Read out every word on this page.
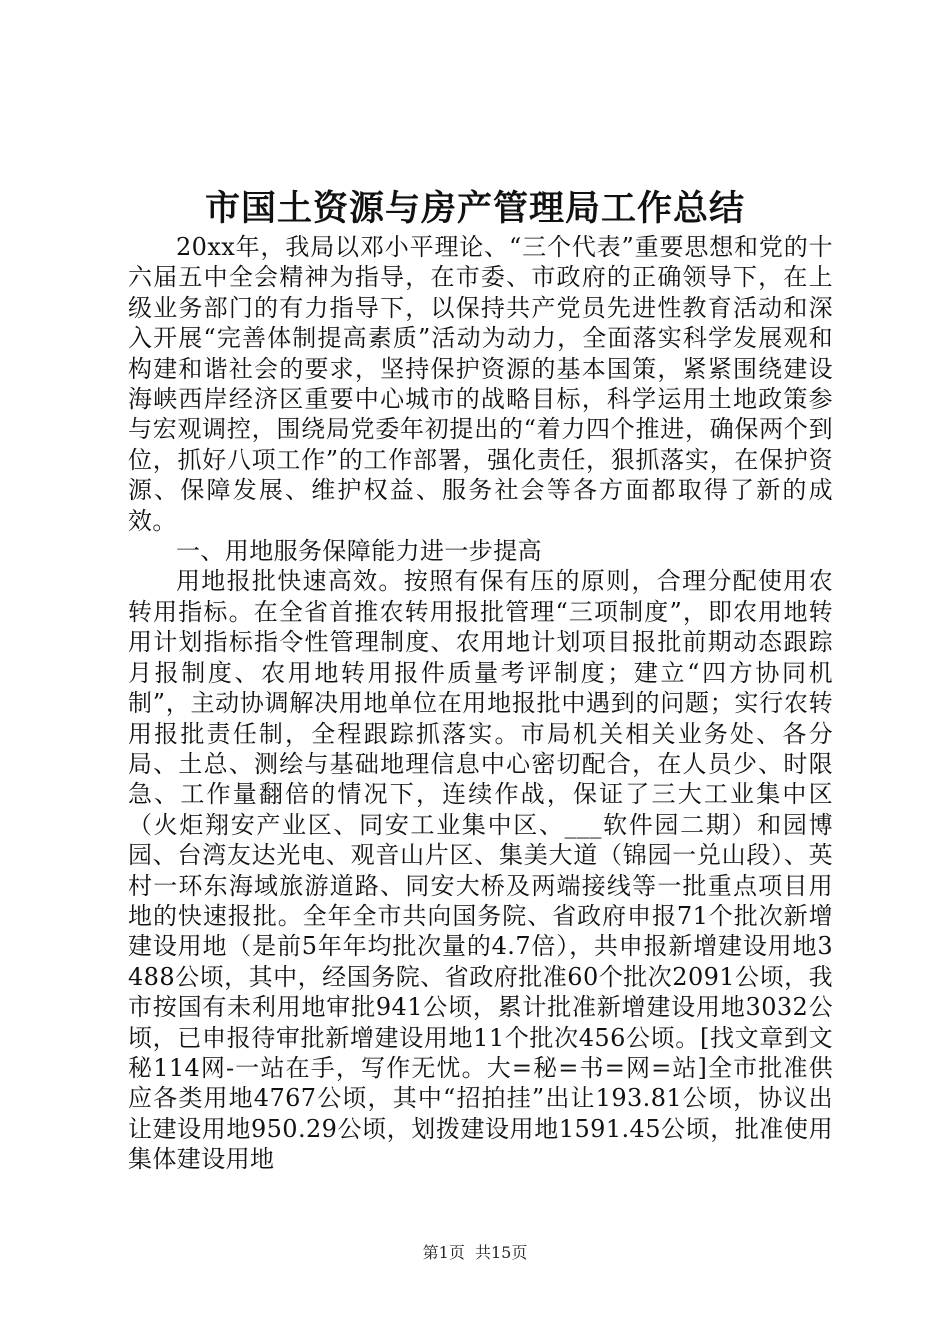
市国土资源与房产管理局工作总结

20xx年，我局以邓小平理论、“三个代表”重要思想和党的十六届五中全会精神为指导，在市委、市政府的正确领导下，在上级业务部门的有力指导下，以保持共产党员先进性教育活动和深入开展“完善体制提高素质”活动为动力，全面落实科学发展观和构建和谐社会的要求，坚持保护资源的基本国策，紧紧围绕建设海峡西岸经济区重要中心城市的战略目标，科学运用土地政策参与宏观调控，围绕局党委年初提出的“着力四个推进，确保两个到位，抓好八项工作”的工作部署，强化责任，狠抓落实，在保护资源、保障发展、维护权益、服务社会等各方面都取得了新的成效。

一、用地服务保障能力进一步提高

用地报批快速高效。按照有保有压的原则，合理分配使用农转用指标。在全省首推农转用报批管理“三项制度”，即农用地转用计划指标指令性管理制度、农用地计划项目报批前期动态跟踪月报制度、农用地转用报件质量考评制度；建立“四方协同机制”，主动协调解决用地单位在用地报批中遇到的问题；实行农转用报批责任制，全程跟踪抓落实。市局机关相关业务处、各分局、土总、测绘与基础地理信息中心密切配合，在人员少、时限急、工作量翻倍的情况下，连续作战，保证了三大工业集中区（火炬翔安产业区、同安工业集中区、___软件园二期）和园博园、台湾友达光电、观音山片区、集美大道（锦园一兑山段）、英村一环东海域旅游道路、同安大桥及两端接线等一批重点项目用地的快速报批。全年全市共向国务院、省政府申报71个批次新增建设用地（是前5年年均批次量的4.7倍），共申报新增建设用地3488公顷，其中，经国务院、省政府批准60个批次2091公顷，我市按国有未利用地审批941公顷，累计批准新增建设用地3032公顷，已申报待审批新增建设用地11个批次456公顷。[找文章到文秘114网-一站在手，写作无忧。大=秘=书=网=站]全市批准供应各类用地4767公顷，其中“招拍挂”出让193.81公顷，协议出让建设用地950.29公顷，划拨建设用地1591.45公顷，批准使用集体建设用地

第1页  共15页
